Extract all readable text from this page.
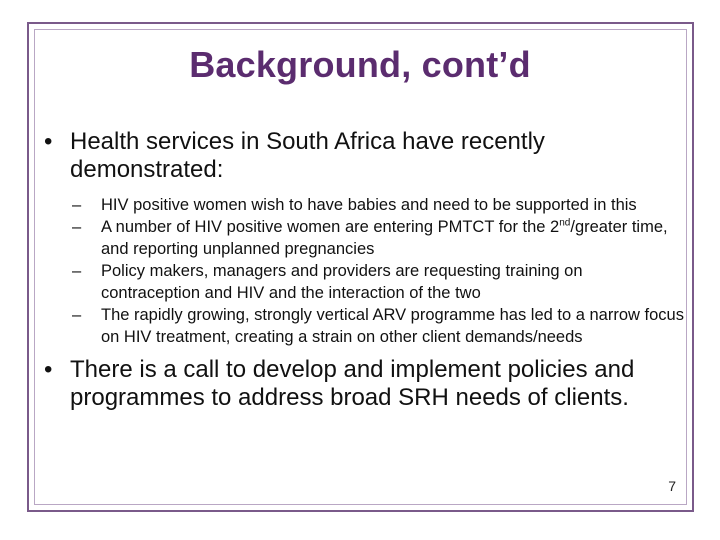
Background, cont’d
• Health services in South Africa have recently demonstrated:
–	HIV positive women wish to have babies and need to be supported in this
–	A number of HIV positive women are entering PMTCT for the 2nd/greater time, and reporting unplanned pregnancies
–	Policy makers, managers and providers are requesting training on contraception and HIV and the interaction of the two
–	The rapidly growing, strongly vertical ARV programme has led to a narrow focus on HIV treatment, creating a strain on other client demands/needs
• There is a call to develop and implement policies and programmes to address broad SRH needs of clients.
7
